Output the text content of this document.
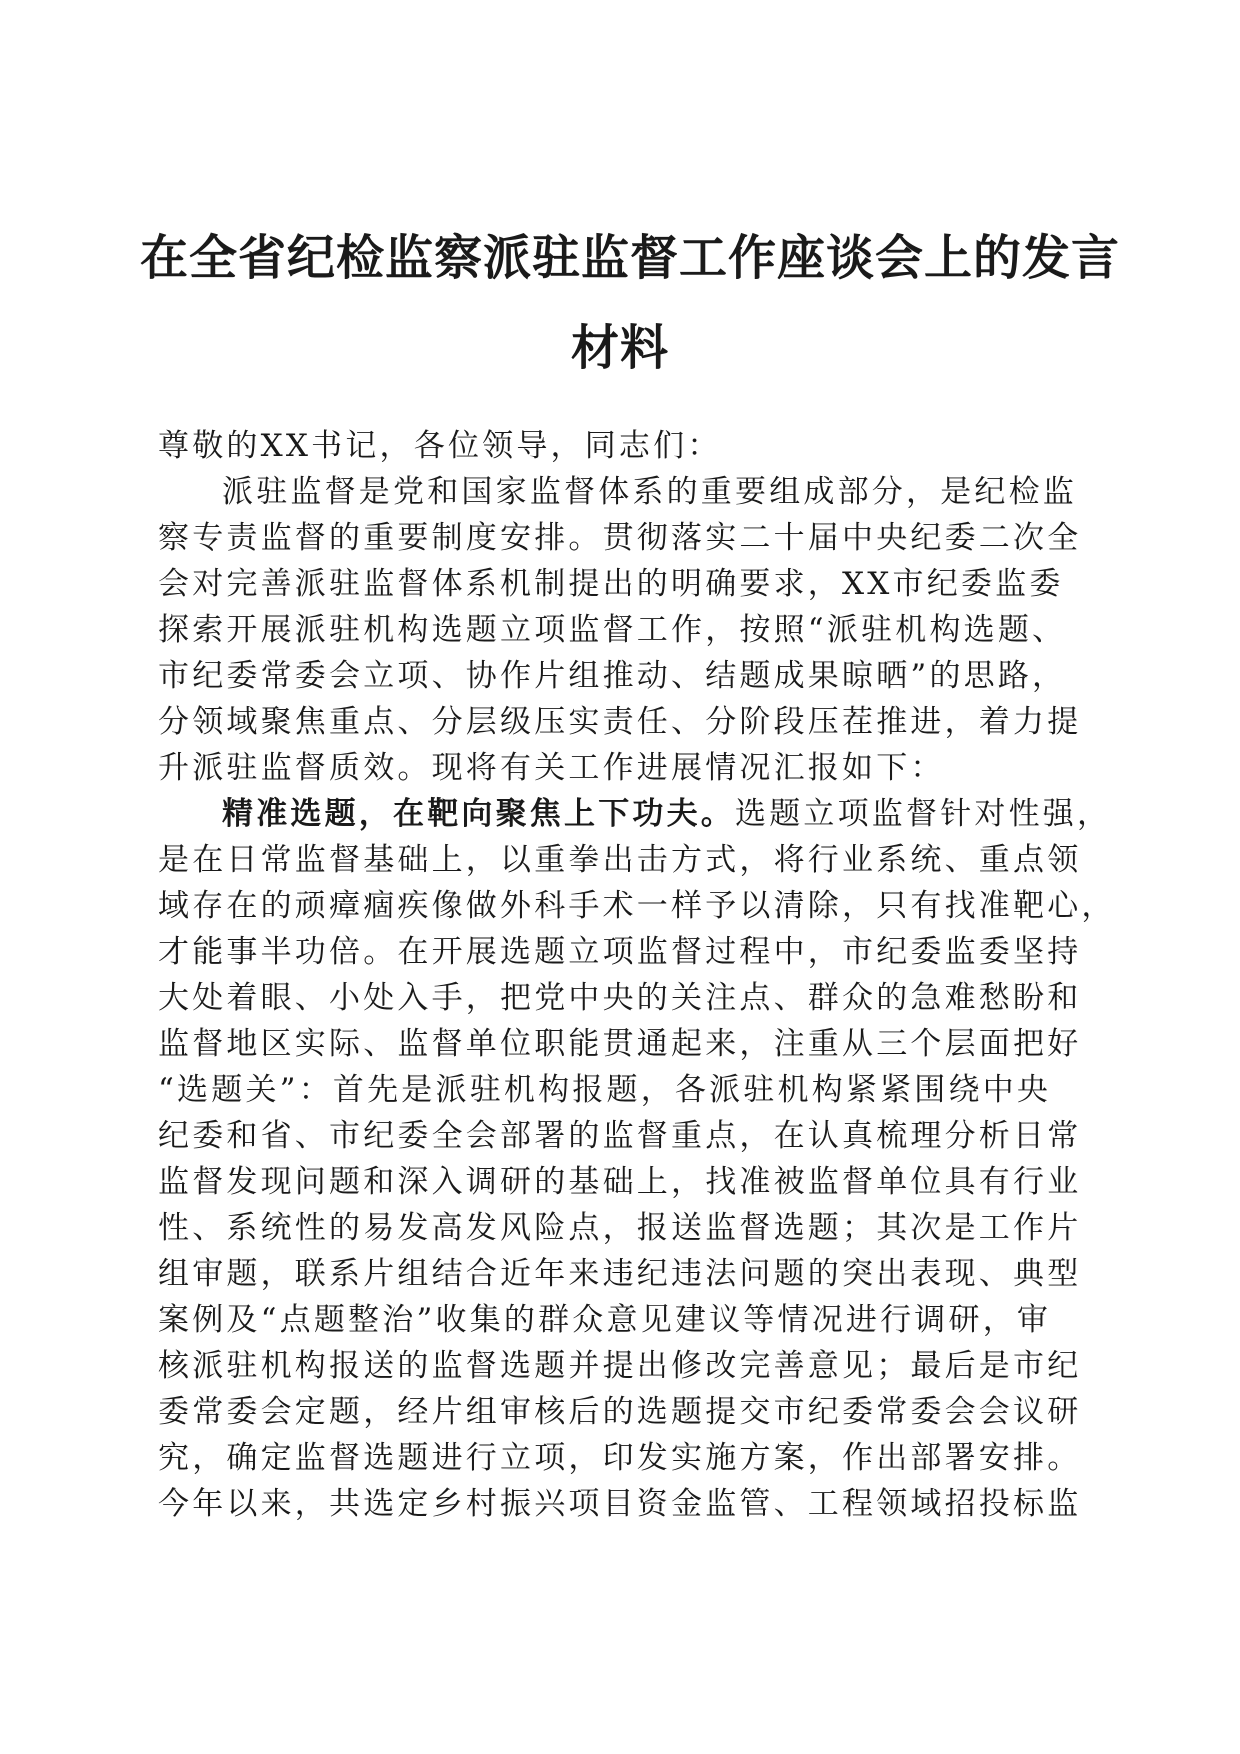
在全省纪检监察派驻监督工作座谈会上的发言
材料
尊敬的XX书记，各位领导，同志们：
派驻监督是党和国家监督体系的重要组成部分，是纪检监
察专责监督的重要制度安排。贯彻落实二十届中央纪委二次全
会对完善派驻监督体系机制提出的明确要求，XX市纪委监委
探索开展派驻机构选题立项监督工作，按照“派驻机构选题、
市纪委常委会立项、协作片组推动、结题成果晾晒”的思路，
分领域聚焦重点、分层级压实责任、分阶段压茬推进，着力提
升派驻监督质效。现将有关工作进展情况汇报如下：
精准选题，在靶向聚焦上下功夫。选题立项监督针对性强，
是在日常监督基础上，以重拳出击方式，将行业系统、重点领
域存在的顽瘴痼疾像做外科手术一样予以清除，只有找准靶心，
才能事半功倍。在开展选题立项监督过程中，市纪委监委坚持
大处着眼、小处入手，把党中央的关注点、群众的急难愁盼和
监督地区实际、监督单位职能贯通起来，注重从三个层面把好
“选题关”：首先是派驻机构报题，各派驻机构紧紧围绕中央
纪委和省、市纪委全会部署的监督重点，在认真梳理分析日常
监督发现问题和深入调研的基础上，找准被监督单位具有行业
性、系统性的易发高发风险点，报送监督选题；其次是工作片
组审题，联系片组结合近年来违纪违法问题的突出表现、典型
案例及“点题整治”收集的群众意见建议等情况进行调研，审
核派驻机构报送的监督选题并提出修改完善意见；最后是市纪
委常委会定题，经片组审核后的选题提交市纪委常委会会议研
究，确定监督选题进行立项，印发实施方案，作出部署安排。
今年以来，共选定乡村振兴项目资金监管、工程领域招投标监
